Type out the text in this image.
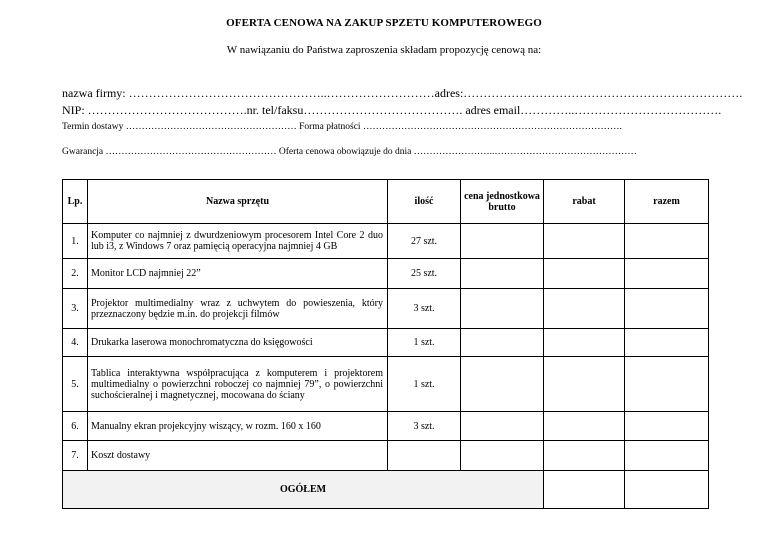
OFERTA CENOWA NA ZAKUP SPZETU KOMPUTEROWEGO
W nawiązaniu do Państwa zaproszenia składam propozycję cenową na:
nazwa firmy: …………………………………………..………………………adres:…………………………………………………………….
NIP: ………………………………….nr. tel/faksu…………………………………. adres email…………..……………………………….
Termin dostawy ……………………………………………… Forma płatności ……………………………………………………………………….
Gwarancja ……………………………………………… Oferta cenowa obowiązuje do dnia ……………………..………………………………………
Lp.	Nazwa sprzętu	ilość	cena jednostkowa brutto	rabat	razem
1.	Komputer co najmniej z dwurdzeniowym procesorem Intel Core 2 duo lub i3, z Windows 7 oraz pamięcią operacyjna najmniej 4 GB	27 szt.			
2.	Monitor LCD najmniej 22”	25 szt.			
3.	Projektor multimedialny wraz z uchwytem do powieszenia, który przeznaczony będzie m.in. do projekcji filmów	3 szt.			
4.	Drukarka laserowa monochromatyczna do księgowości	1 szt.			
5.	Tablica interaktywna współpracująca z komputerem i projektorem multimedialny o powierzchni roboczej co najmniej 79”, o powierzchni suchościeralnej i magnetycznej, mocowana do ściany	1 szt.			
6.	Manualny ekran projekcyjny wiszący, w rozm. 160 x 160	3 szt.			
7.	Koszt dostawy				
OGÓŁEM					
